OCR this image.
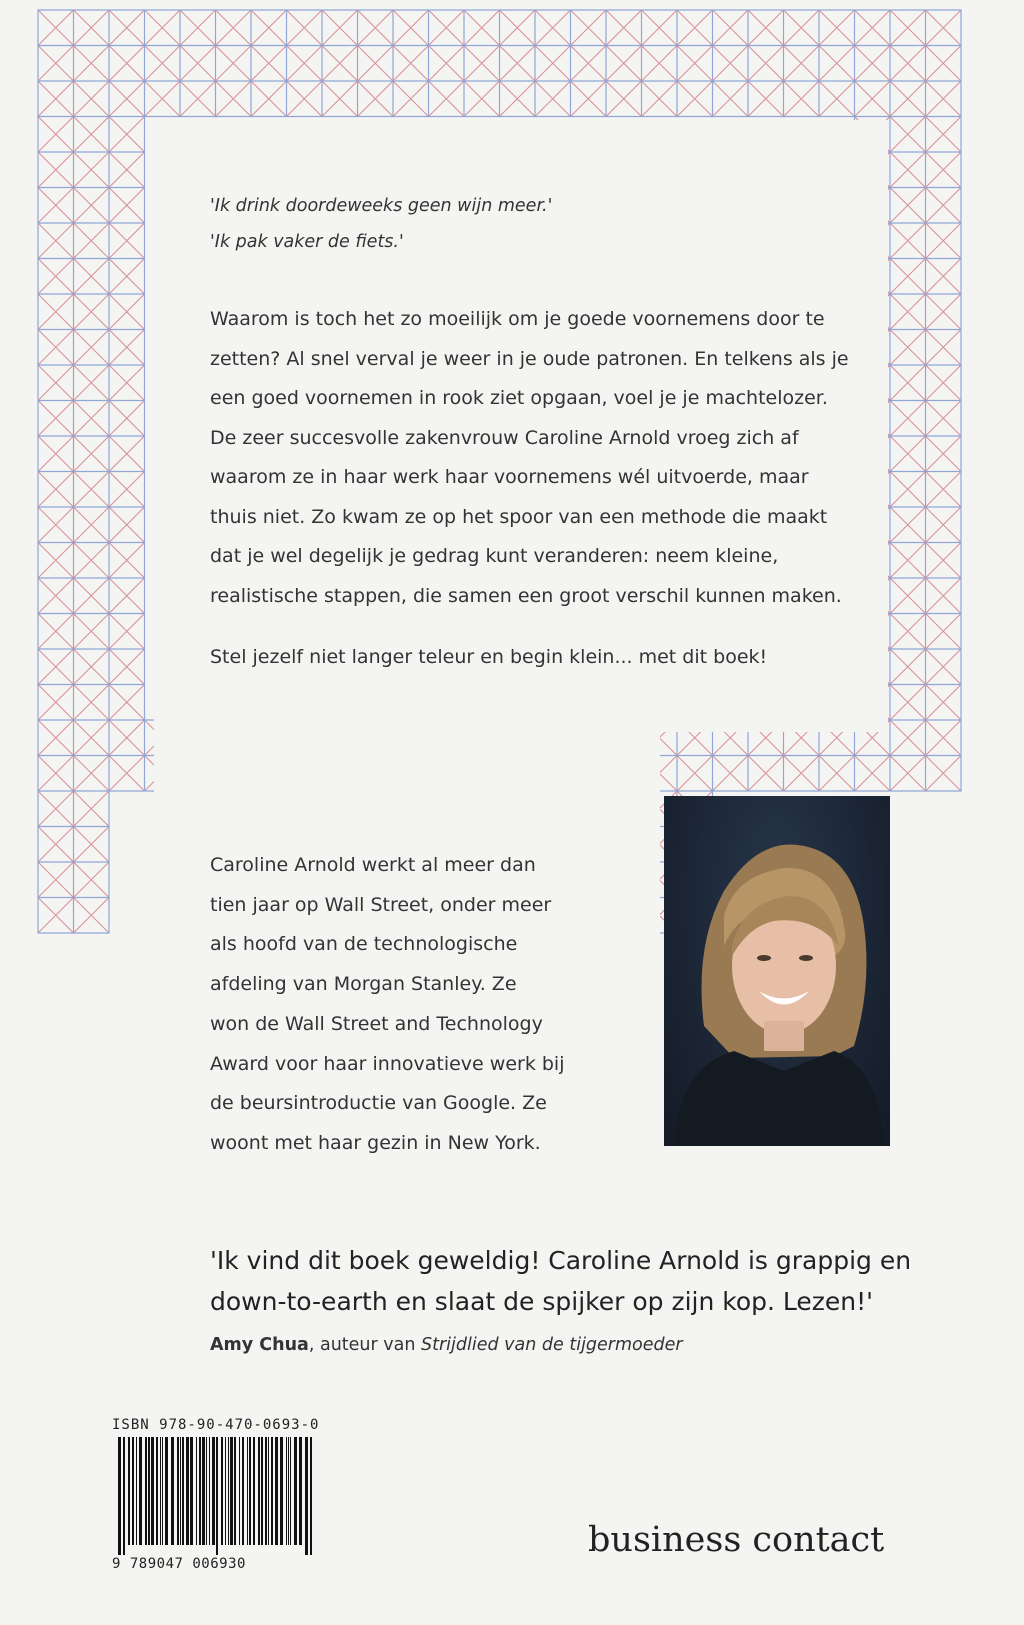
'Ik drink doordeweeks geen wijn meer.'
'Ik pak vaker de fiets.'

Waarom is toch het zo moeilijk om je goede voornemens door te zetten? Al snel verval je weer in je oude patronen. En telkens als je een goed voornemen in rook ziet opgaan, voel je je machtelozer. De zeer succesvolle zakenvrouw Caroline Arnold vroeg zich af waarom ze in haar werk haar voornemens wél uitvoerde, maar thuis niet. Zo kwam ze op het spoor van een methode die maakt dat je wel degelijk je gedrag kunt veranderen: neem kleine, realistische stappen, die samen een groot verschil kunnen maken.

Stel jezelf niet langer teleur en begin klein... met dit boek!
Caroline Arnold werkt al meer dan
tien jaar op Wall Street, onder meer
als hoofd van de technologische
afdeling van Morgan Stanley. Ze
won de Wall Street and Technology
Award voor haar innovatieve werk bij
de beursintroductie van Google. Ze
woont met haar gezin in New York.
'Ik vind dit boek geweldig! Caroline Arnold is grappig en
down-to-earth en slaat de spijker op zijn kop. Lezen!'
Amy Chua, auteur van Strijdlied van de tijgermoeder
ISBN 978-90-470-0693-0
9 789047 006930
business contact
